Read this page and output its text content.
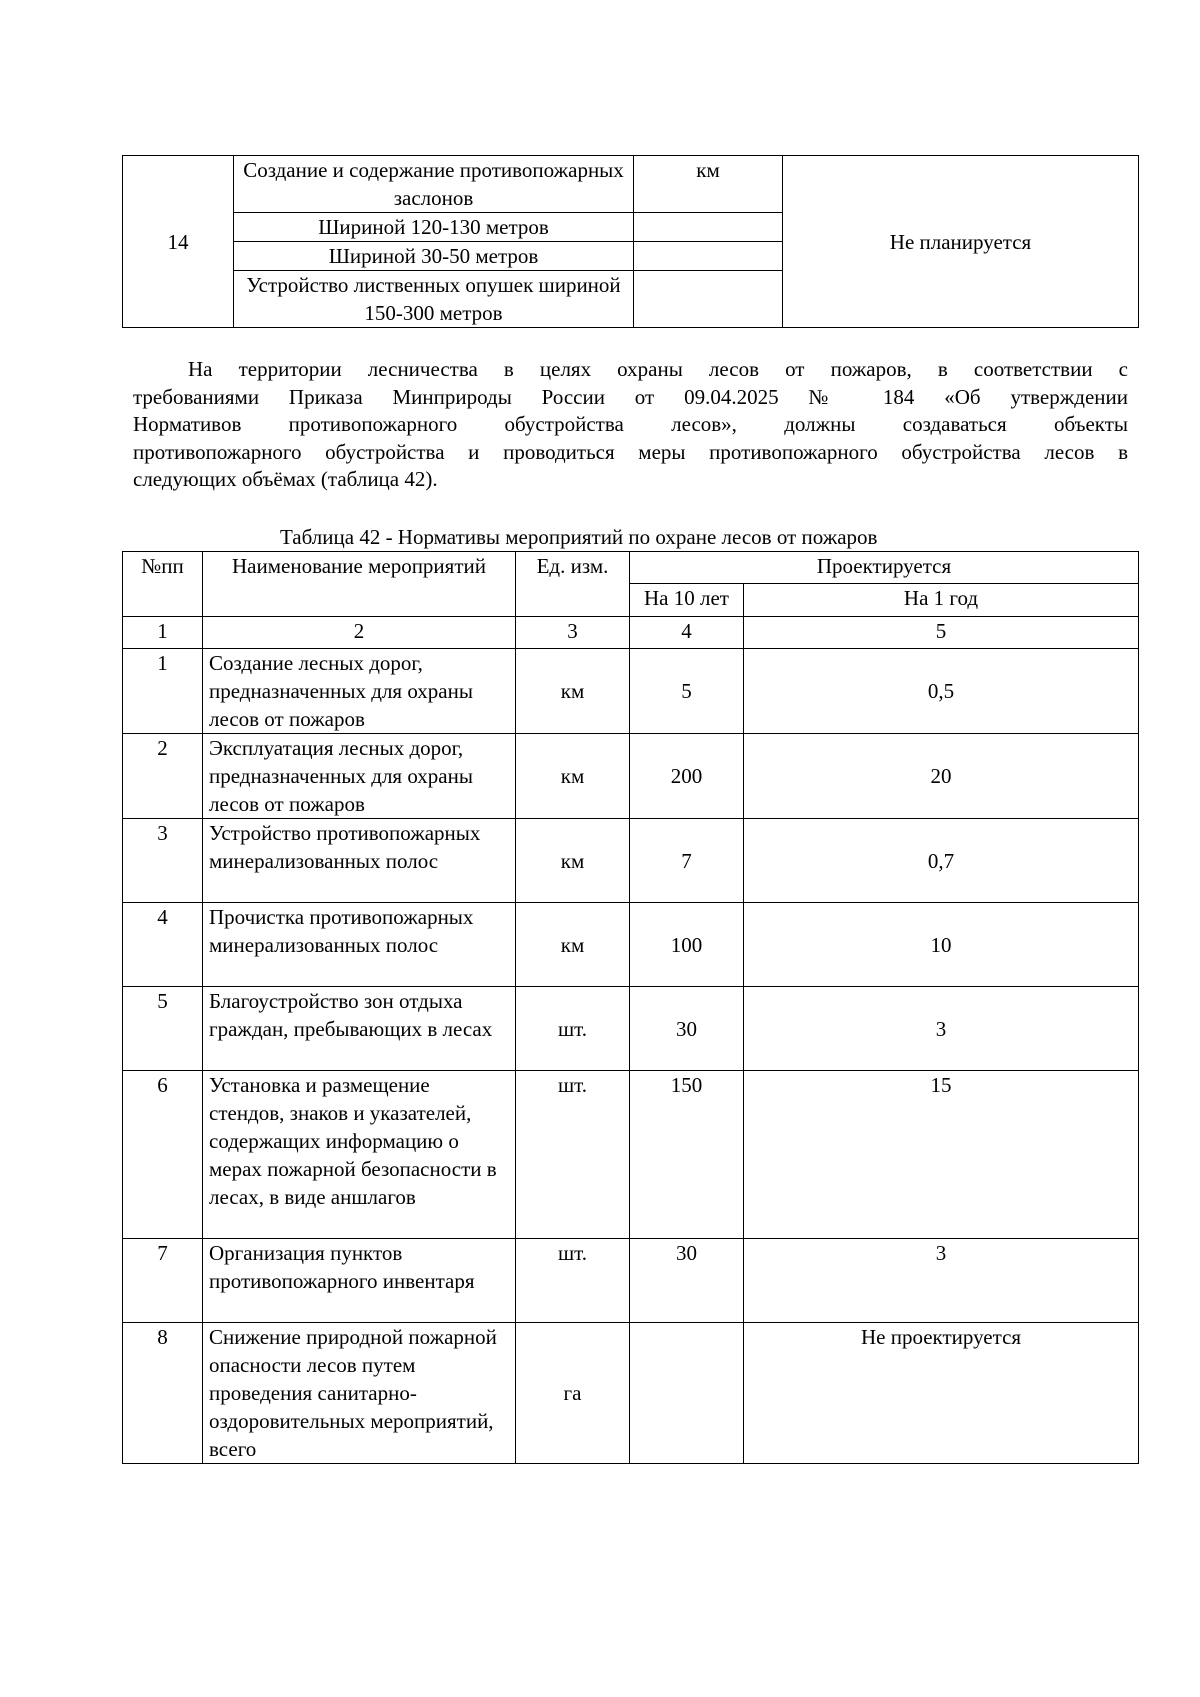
14	Создание и содержание противопожарных заслонов	км	Не планируется
	Шириной 120-130 метров		
	Шириной 30-50 метров		
	Устройство лиственных опушек шириной 150-300 метров		
На территории лесничества в целях охраны лесов от пожаров, в соответствии с
требованиями Приказа Минприроды России от 09.04.2025 № 184 «Об утверждении
Нормативов противопожарного обустройства лесов», должны создаваться объекты
противопожарного обустройства и проводиться меры противопожарного обустройства лесов в
следующих объёмах (таблица 42).
Таблица 42 - Нормативы мероприятий по охране лесов от пожаров
№пп	Наименование мероприятий	Ед. изм.	Проектируется	
			На 10 лет	На 1 год
1	2	3	4	5
1	Создание лесных дорог, предназначенных для охраны лесов от пожаров	км	5	0,5
2	Эксплуатация лесных дорог, предназначенных для охраны лесов от пожаров	км	200	20
3	Устройство противопожарных минерализованных полос	км	7	0,7
4	Прочистка противопожарных минерализованных полос	км	100	10
5	Благоустройство зон отдыха граждан, пребывающих в лесах	шт.	30	3
6	Установка и размещение стендов, знаков и указателей, содержащих информацию о мерах пожарной безопасности в лесах, в виде аншлагов	шт.	150	15
7	Организация пунктов противопожарного инвентаря	шт.	30	3
8	Снижение природной пожарной опасности лесов путем проведения санитарно-оздоровительных мероприятий, всего	га		Не проектируется
